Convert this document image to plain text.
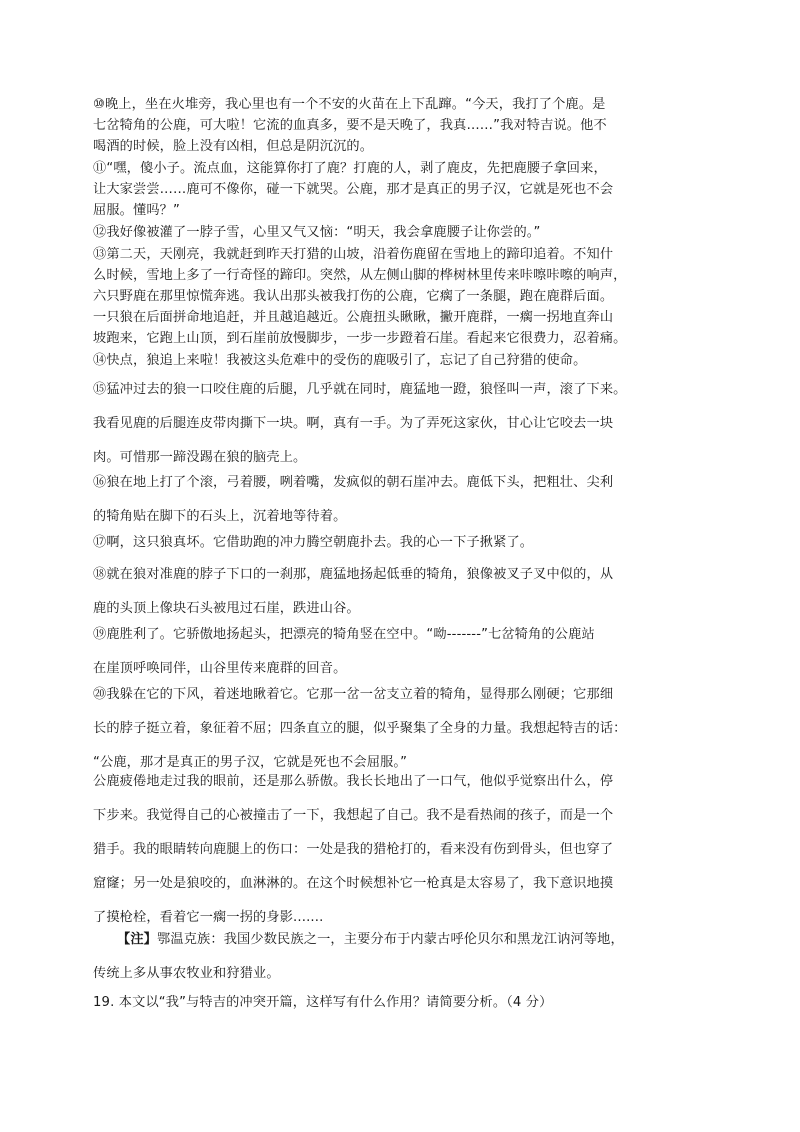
⑩晚上，坐在火堆旁，我心里也有一个不安的火苗在上下乱蹿。“今天，我打了个鹿。是
七岔犄角的公鹿，可大啦！它流的血真多，要不是天晚了，我真……”我对特吉说。他不
喝酒的时候，脸上没有凶相，但总是阴沉沉的。
⑪“嘿，傻小子。流点血，这能算你打了鹿？打鹿的人，剥了鹿皮，先把鹿腰子拿回来，
让大家尝尝……鹿可不像你，碰一下就哭。公鹿，那才是真正的男子汉，它就是死也不会
屈服。懂吗？”
⑫我好像被灌了一脖子雪，心里又气又恼：“明天，我会拿鹿腰子让你尝的。”
⑬第二天，天刚亮，我就赶到昨天打猎的山坡，沿着伤鹿留在雪地上的蹄印追着。不知什
么时候，雪地上多了一行奇怪的蹄印。突然，从左侧山脚的桦树林里传来咔嚓咔嚓的响声，
六只野鹿在那里惊慌奔逃。我认出那头被我打伤的公鹿，它瘸了一条腿，跑在鹿群后面。
一只狼在后面拼命地追赶，并且越追越近。公鹿扭头瞅瞅，撇开鹿群，一瘸一拐地直奔山
坡跑来，它跑上山顶，到石崖前放慢脚步，一步一步蹬着石崖。看起来它很费力，忍着痛。
⑭快点，狼追上来啦！我被这头危难中的受伤的鹿吸引了，忘记了自己狩猎的使命。
⑮猛冲过去的狼一口咬住鹿的后腿，几乎就在同时，鹿猛地一蹬，狼怪叫一声，滚了下来。
我看见鹿的后腿连皮带肉撕下一块。啊，真有一手。为了弄死这家伙，甘心让它咬去一块
肉。可惜那一蹄没踢在狼的脑壳上。
⑯狼在地上打了个滚，弓着腰，咧着嘴，发疯似的朝石崖冲去。鹿低下头，把粗壮、尖利
的犄角贴在脚下的石头上，沉着地等待着。
⑰啊，这只狼真坏。它借助跑的冲力腾空朝鹿扑去。我的心一下子揪紧了。
⑱就在狼对准鹿的脖子下口的一刹那，鹿猛地扬起低垂的犄角，狼像被叉子叉中似的，从
鹿的头顶上像块石头被甩过石崖，跌进山谷。
⑲鹿胜利了。它骄傲地扬起头，把漂亮的犄角竖在空中。“呦-------”七岔犄角的公鹿站
在崖顶呼唤同伴，山谷里传来鹿群的回音。
⑳我躲在它的下风，着迷地瞅着它。它那一岔一岔支立着的犄角，显得那么刚硬；它那细
长的脖子挺立着，象征着不屈；四条直立的腿，似乎聚集了全身的力量。我想起特吉的话：
“公鹿，那才是真正的男子汉，它就是死也不会屈服。”
公鹿疲倦地走过我的眼前，还是那么骄傲。我长长地出了一口气，他似乎觉察出什么，停
下步来。我觉得自己的心被撞击了一下，我想起了自己。我不是看热闹的孩子，而是一个
猎手。我的眼睛转向鹿腿上的伤口：一处是我的猎枪打的，看来没有伤到骨头，但也穿了
窟窿；另一处是狼咬的，血淋淋的。在这个时候想补它一枪真是太容易了，我下意识地摸
了摸枪栓，看着它一瘸一拐的身影.......
【注】鄂温克族：我国少数民族之一，主要分布于内蒙古呼伦贝尔和黑龙江讷河等地，
传统上多从事农牧业和狩猎业。
19. 本文以“我”与特吉的冲突开篇，这样写有什么作用？请简要分析。（4 分）
